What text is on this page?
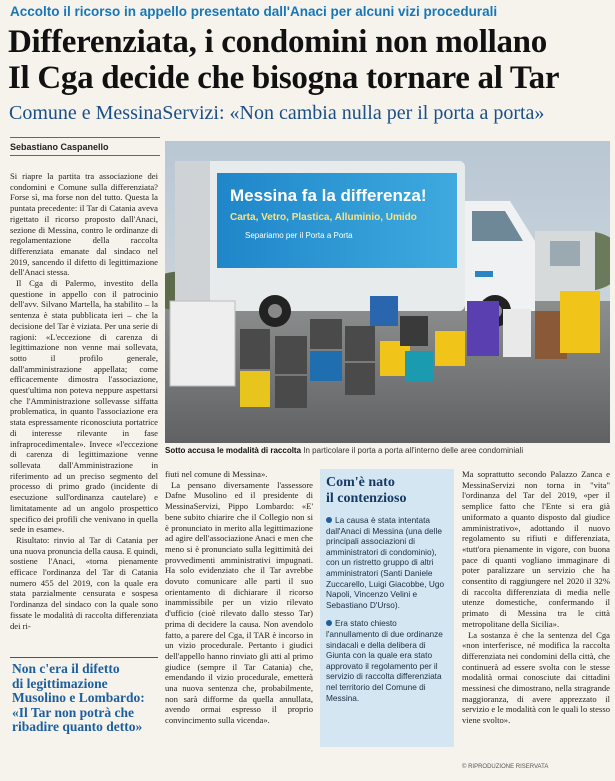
Accolto il ricorso in appello presentato dall'Anaci per alcuni vizi procedurali
Differenziata, i condomini non mollano
Il Cga decide che bisogna tornare al Tar
Comune e MessinaServizi: «Non cambia nulla per il porta a porta»
Sebastiano Caspanello

Si riapre la partita tra associazione dei condomini e Comune sulla differenziata? Forse sì, ma forse non del tutto. Questa la puntata precedente: il Tar di Catania aveva rigettato il ricorso proposto dall'Anaci, sezione di Messina, contro le ordinanze di regolamentazione della raccolta differenziata emanate dal sindaco nel 2019, sancendo il difetto di legittimazione dell'Anaci stessa.

Il Cga di Palermo, investito della questione in appello con il patrocinio dell'avv. Silvano Martella, ha stabilito – la sentenza è stata pubblicata ieri – che la decisione del Tar è viziata. Per una serie di ragioni: «L'eccezione di carenza di legittimazione non venne mai sollevata, sotto il profilo generale, dall'amministrazione appellata; come efficacemente dimostra l'associazione, quest'ultima non poteva neppure aspettarsi che l'Amministrazione sollevasse siffatta problematica, in quanto l'associazione era stata espressamente riconosciuta portatrice di interesse rilevante in fase infraprocedimentale». Invece «l'eccezione di carenza di legittimazione venne sollevata dall'Amministrazione in riferimento ad un preciso segmento del processo di primo grado (incidente di esecuzione sull'ordinanza cautelare) e limitatamente ad un angolo prospettico specifico dei profili che venivano in quella sede in esame».

Risultato: rinvio al Tar di Catania per una nuova pronuncia della causa. E quindi, sostiene l'Anaci, «torna pienamente efficace l'ordinanza del Tar di Catania numero 455 del 2019, con la quale era stata parzialmente censurata e sospesa l'ordinanza del sindaco con la quale sono fissate le modalità di raccolta differenziata dei ri-

Messina fa la differenza!
Carta, Vetro, Plastica, Alluminio, Umido
Separiamo per il Porta a Porta
Sotto accusa le modalità di raccolta In particolare il porta a porta all'interno delle aree condominiali

fiuti nel comune di Messina».

La pensano diversamente l'assessore Dafne Musolino ed il presidente di MessinaServizi, Pippo Lombardo: «E' bene subito chiarire che il Collegio non si è pronunciato in merito alla legittimazione ad agire dell'associazione Anaci e men che meno si è pronunciato sulla legittimità dei provvedimenti amministrativi impugnati. Ha solo evidenziato che il Tar avrebbe dovuto comunicare alle parti il suo orientamento di dichiarare il ricorso inammissibile per un vizio rilevato d'ufficio (cioè rilevato dallo stesso Tar) prima di decidere la causa. Non avendolo fatto, a parere del Cga, il TAR è incorso in un vizio procedurale. Pertanto i giudici dell'appello hanno rinviato gli atti al primo giudice (sempre il Tar Catania) che, emendando il vizio procedurale, emetterà una nuova sentenza che, probabilmente, non sarà difforme da quella annullata, avendo ormai espresso il proprio convincimento sulla vicenda».

Com'è nato
il contenzioso
La causa è stata intentata dall'Anaci di Messina (una delle principali associazioni di amministratori di condominio), con un ristretto gruppo di altri amministratori (Santi Daniele Zuccarello, Luigi Giacobbe, Ugo Napoli, Vincenzo Velini e Sebastiano D'Urso).
Era stato chiesto l'annullamento di due ordinanze sindacali e della delibera di Giunta con la quale era stato approvato il regolamento per il servizio di raccolta differenziata nel territorio del Comune di Messina.

Ma soprattutto secondo Palazzo Zanca e MessinaServizi non torna in "vita" l'ordinanza del Tar del 2019, «per il semplice fatto che l'Ente si era già uniformato a quanto disposto dal giudice amministrativo», adottando il nuovo regolamento su rifiuti e differenziata, «tutt'ora pienamente in vigore, con buona pace di quanti vogliano immaginare di poter paralizzare un servizio che ha consentito di raggiungere nel 2020 il 32% di raccolta differenziata di media nelle utenze domestiche, confermando il primato di Messina tra le città metropolitane della Sicilia».

La sostanza è che la sentenza del Cga «non interferisce, né modifica la raccolta differenziata nei condomini della città, che continuerà ad essere svolta con le stesse modalità ormai conosciute dai cittadini messinesi che dimostrano, nella stragrande maggioranza, di avere apprezzato il servizio e le modalità con le quali lo stesso viene svolto».

Non c'era il difetto
di legittimazione
Musolino e Lombardo:
«Il Tar non potrà che
ribadire quanto detto»
© RIPRODUZIONE RISERVATA
